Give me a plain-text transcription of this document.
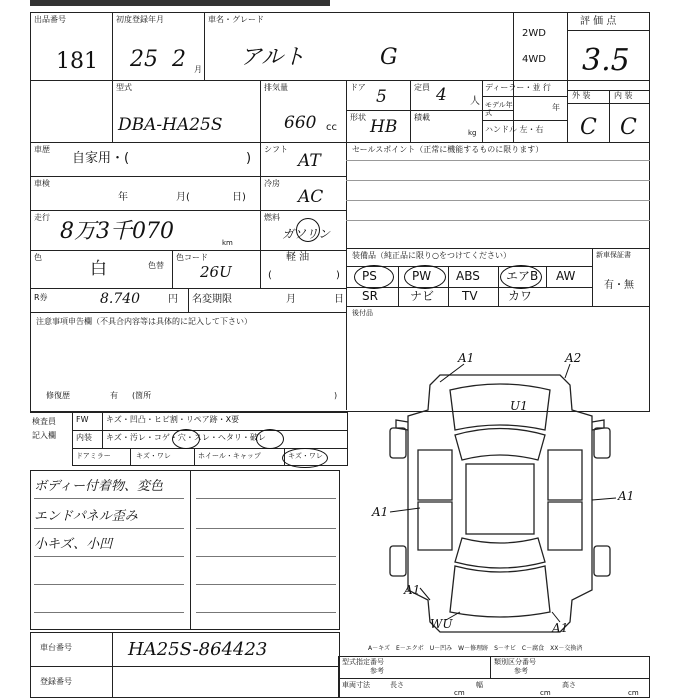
出品番号
181
初度登録年月
25 2 月
車名・グレード
アルト	G
2WD
4WD
評 価 点
3.5
外 装	内 装
C C
型式
DBA-HA25S
排気量
660 cc
ドア 5	定員 4 人
形状 HB 積載
kg
ディーラー・並 行
モデル年式
年
ハンドル 左・右
車歴
自家用・(	)
シフト
AT
車検
年	月(	日)
冷房
AC
走行
8万3千070	km
燃料
ガソリン
色
白	色替
色コード
26U
軽 油
(	)
R券	8.740	円 名変期限	月	日
注意事項申告欄（不具合内容等は具体的に記入して下さい）
修復歴	有 (箇所	)
セールスポイント（正常に機能するものに限ります）
装備品（純正品に限り○をつけてください）	新車保証書
有・無
PS	PW ABS エアB AW
SR	ナビ TV	カワ
後付品
検査員
記入欄
FW キズ・凹凸・ヒビ割・リペア跡・X要
内装 キズ・汚レ・コゲ・穴・スレ・ヘタリ・破レ
ドアミラー	キズ・ワレ	ホイール・キャップ	キズ・ワレ
ボディー付着物、変色
エンドパネル歪み
小キズ、小凹
A1	A2
U1
A1
A1
A1
WU	A1
車台番号	HA25S-864423
登録番号
A－キズ　E－エクボ　U－凹み　W－修理跡　S－サビ　C－腐食　XX－交換済
型式指定番号
参考
類別区分番号
参考
車両寸法	長さ
cm
幅
cm
高さ
cm
